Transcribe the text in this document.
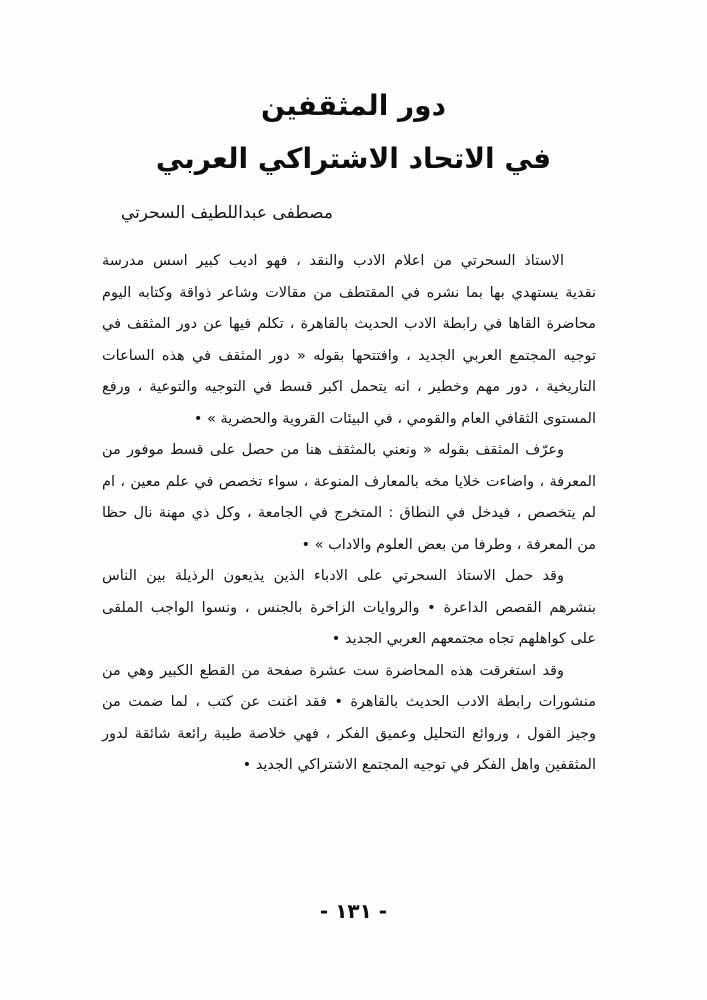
دور المثقفين
في الاتحاد الاشتراكي العربي
مصطفى عبداللطيف السحرتي
الاستاذ السحرتي من اعلام الادب والنقد ، فهو اديب كبير اسس مدرسة
نقدية يستهدي بها بما نشره في المقتطف من مقالات وشاعر ذواقة وكتابه اليوم
محاضرة القاها في رابطة الادب الحديث بالقاهرة ، تكلم فيها عن دور المثقف في
توجيه المجتمع العربي الجديد ، وافتتحها بقوله « دور المثقف في هذه الساعات
التاريخية ، دور مهم وخطير ، انه يتحمل اكبر قسط في التوجيه والتوعية ، ورفع
المستوى الثقافي العام والقومي ، في البيئات القروية والحضرية » •
وعرّف المثقف بقوله « ونعني بالمثقف هنا من حصل على قسط موفور من
المعرفة ، واضاءت خلايا مخه بالمعارف المنوعة ، سواء تخصص في علم معين ، ام
لم يتخصص ، فيدخل في النطاق : المتخرج في الجامعة ، وكل ذي مهنة نال حظا
من المعرفة ، وطرفا من بعض العلوم والاداب » •
وقد حمل الاستاذ السحرتي على الادباء الذين يذيعون الرذيلة بين الناس
بنشرهم القصص الداعرة • والروايات الزاخرة بالجنس ، ونسوا الواجب الملقى
على كواهلهم تجاه مجتمعهم العربي الجديد •
وقد استغرقت هذه المحاضرة ست عشرة صفحة من القطع الكبير وهي من
منشورات رابطة الادب الحديث بالقاهرة • فقد اغنت عن كتب ، لما ضمت من
وجيز القول ، وروائع التحليل وعميق الفكر ، فهي خلاصة طيبة رائعة شائقة لدور
المثقفين واهل الفكر في توجيه المجتمع الاشتراكي الجديد •
- ١٣١ -
